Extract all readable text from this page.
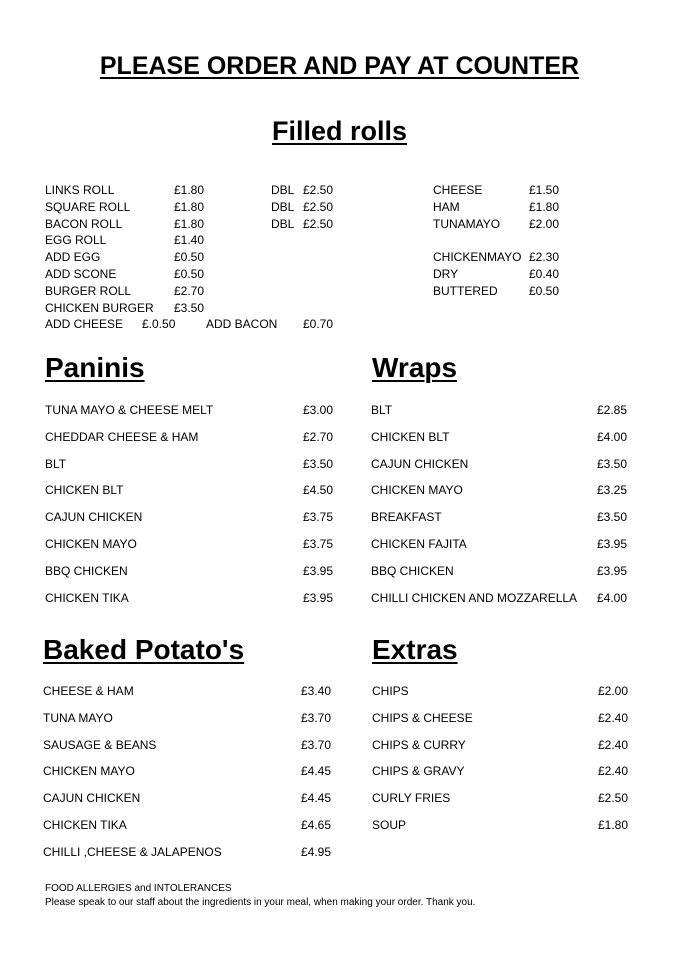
PLEASE ORDER AND PAY AT COUNTER
Filled rolls
LINKS ROLL	£1.80	DBL £2.50
SQUARE ROLL	£1.80	DBL £2.50
BACON ROLL	£1.80	DBL £2.50
EGG ROLL	£1.40
ADD EGG	£0.50
ADD SCONE	£0.50
BURGER ROLL	£2.70
CHICKEN BURGER £3.50
ADD CHEESE £.0.50	ADD BACON £0.70
CHEESE	£1.50
HAM	£1.80
TUNAMAYO £2.00
CHICKENMAYO £2.30
DRY	£0.40
BUTTERED	£0.50
Paninis	Wraps
Baked Potato's	Extras
TUNA MAYO & CHEESE MELT	£3.00
CHEDDAR CHEESE & HAM	£2.70
BLT	£3.50
CHICKEN BLT	£4.50
CAJUN CHICKEN	£3.75
CHICKEN MAYO	£3.75
BBQ CHICKEN	£3.95
CHICKEN TIKA	£3.95
BLT	£2.85
CHICKEN BLT	£4.00
CAJUN CHICKEN	£3.50
CHICKEN MAYO	£3.25
BREAKFAST	£3.50
CHICKEN FAJITA	£3.95
BBQ CHICKEN	£3.95
CHILLI CHICKEN AND MOZZARELLA £4.00
CHEESE & HAM	£3.40
TUNA MAYO	£3.70
SAUSAGE & BEANS	£3.70
CHICKEN MAYO	£4.45
CAJUN CHICKEN	£4.45
CHICKEN TIKA	£4.65
CHILLI ,CHEESE & JALAPENOS	£4.95
CHIPS	£2.00
CHIPS & CHEESE	£2.40
CHIPS & CURRY	£2.40
CHIPS & GRAVY	£2.40
CURLY FRIES	£2.50
SOUP	£1.80
FOOD ALLERGIES and INTOLERANCES
Please speak to our staff about the ingredients in your meal, when making your order. Thank you.
